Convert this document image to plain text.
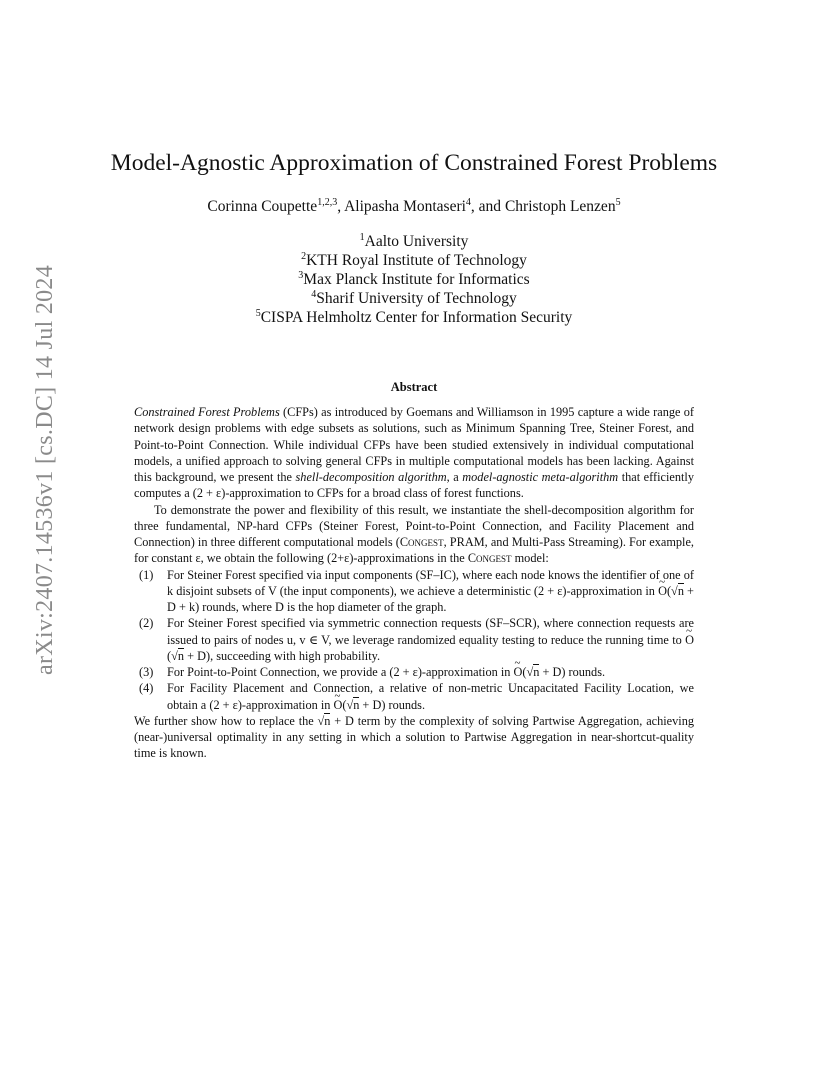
arXiv:2407.14536v1 [cs.DC] 14 Jul 2024
Model-Agnostic Approximation of Constrained Forest Problems
Corinna Coupette$^{1,2,3}$, Alipasha Montaseri$^4$, and Christoph Lenzen$^5$
$^1$Aalto University
$^2$KTH Royal Institute of Technology
$^3$Max Planck Institute for Informatics
$^4$Sharif University of Technology
$^5$CISPA Helmholtz Center for Information Security
Abstract

Constrained Forest Problems (CFPs) as introduced by Goemans and Williamson in 1995 capture a wide range of network design problems with edge subsets as solutions, such as Minimum Spanning Tree, Steiner Forest, and Point-to-Point Connection. While individual CFPs have been studied extensively in individual computational models, a unified approach to solving general CFPs in multiple computational models has been lacking. Against this background, we present the shell-decomposition algorithm, a model-agnostic meta-algorithm that efficiently computes a (2 + ε)-approximation to CFPs for a broad class of forest functions.

To demonstrate the power and flexibility of this result, we instantiate the shell-decomposition algorithm for three fundamental, NP-hard CFPs (Steiner Forest, Point-to-Point Connection, and Facility Placement and Connection) in three different computational models (Congest, PRAM, and Multi-Pass Streaming). For example, for constant ε, we obtain the following (2+ε)-approximations in the Congest model:

(1) For Steiner Forest specified via input components (SF–IC), where each node knows the identifier of one of k disjoint subsets of V (the input components), we achieve a deterministic (2 + ε)-approximation in ~ O(√n + D + k) rounds, where D is the hop diameter of the graph.
(2) For Steiner Forest specified via symmetric connection requests (SF–SCR), where connection requests are issued to pairs of nodes u, v ∈ V, we leverage randomized equality testing to reduce the running time to ~ O(√n + D), succeeding with high probability.
(3) For Point-to-Point Connection, we provide a (2 + ε)-approximation in ~ O(√n + D) rounds.
(4) For Facility Placement and Connection, a relative of non-metric Uncapacitated Facility Location, we obtain a (2 + ε)-approximation in ~ O(√n + D) rounds.

We further show how to replace the √n + D term by the complexity of solving Partwise Aggregation, achieving (near-)universal optimality in any setting in which a solution to Partwise Aggregation in near-shortcut-quality time is known.
